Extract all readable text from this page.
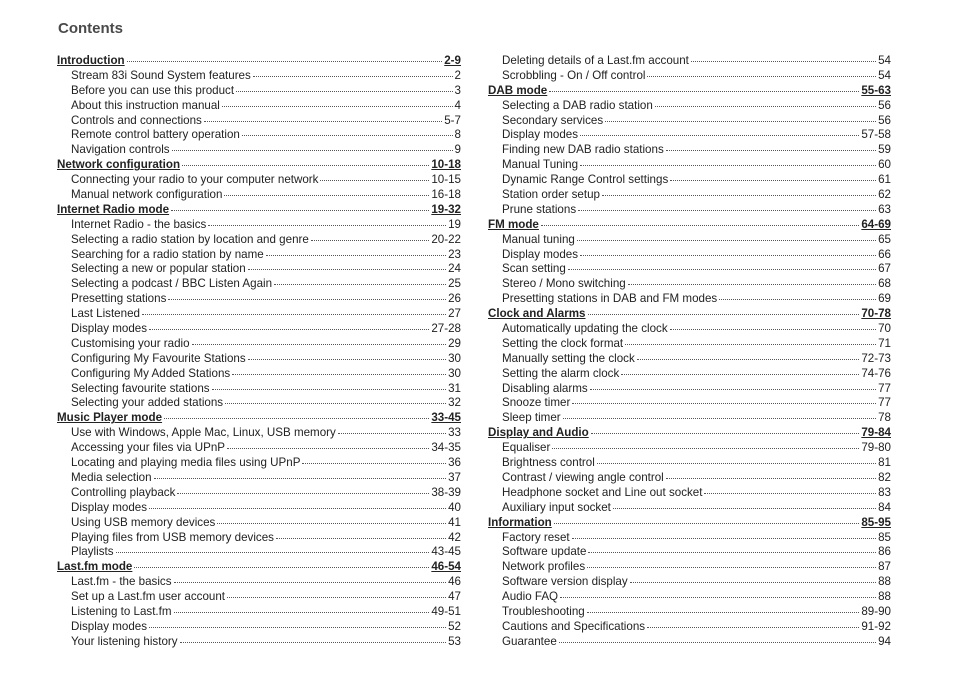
Contents
Introduction	2-9
Stream 83i Sound System features	2
Before you can use this product	3
About this instruction manual	4
Controls and connections	5-7
Remote control battery operation	8
Navigation controls	9
Network configuration	10-18
Connecting your radio to your computer network	10-15
Manual network configuration	16-18
Internet Radio mode	19-32
Internet Radio - the basics	19
Selecting a radio station by location and genre	20-22
Searching for a radio station by name	23
Selecting a new or popular station	24
Selecting a podcast / BBC Listen Again	25
Presetting stations	26
Last Listened	27
Display modes	27-28
Customising your radio	29
Configuring My Favourite Stations	30
Configuring My Added Stations	30
Selecting favourite stations	31
Selecting your added stations	32
Music Player mode	33-45
Use with Windows, Apple Mac, Linux, USB memory	33
Accessing your files via UPnP	34-35
Locating and playing media files using UPnP	36
Media selection	37
Controlling playback	38-39
Display modes	40
Using USB memory devices	41
Playing files from USB memory devices	42
Playlists	43-45
Last.fm mode	46-54
Last.fm - the basics	46
Set up a Last.fm user account	47
Listening to Last.fm	49-51
Display modes	52
Your listening history	53
Deleting details of a Last.fm account	54
Scrobbling - On / Off control	54
DAB mode	55-63
Selecting a DAB radio station	56
Secondary services	56
Display modes	57-58
Finding new DAB radio stations	59
Manual Tuning	60
Dynamic Range Control settings	61
Station order setup	62
Prune stations	63
FM mode	64-69
Manual tuning	65
Display modes	66
Scan setting	67
Stereo / Mono switching	68
Presetting stations in DAB and FM modes	69
Clock and Alarms	70-78
Automatically updating the clock	70
Setting the clock format	71
Manually setting the clock	72-73
Setting the alarm clock	74-76
Disabling alarms	77
Snooze timer	77
Sleep timer	78
Display and Audio	79-84
Equaliser	79-80
Brightness control	81
Contrast / viewing angle control	82
Headphone socket and Line out socket	83
Auxiliary input socket	84
Information	85-95
Factory reset	85
Software update	86
Network profiles	87
Software version display	88
Audio FAQ	88
Troubleshooting	89-90
Cautions and Specifications	91-92
Guarantee	94
